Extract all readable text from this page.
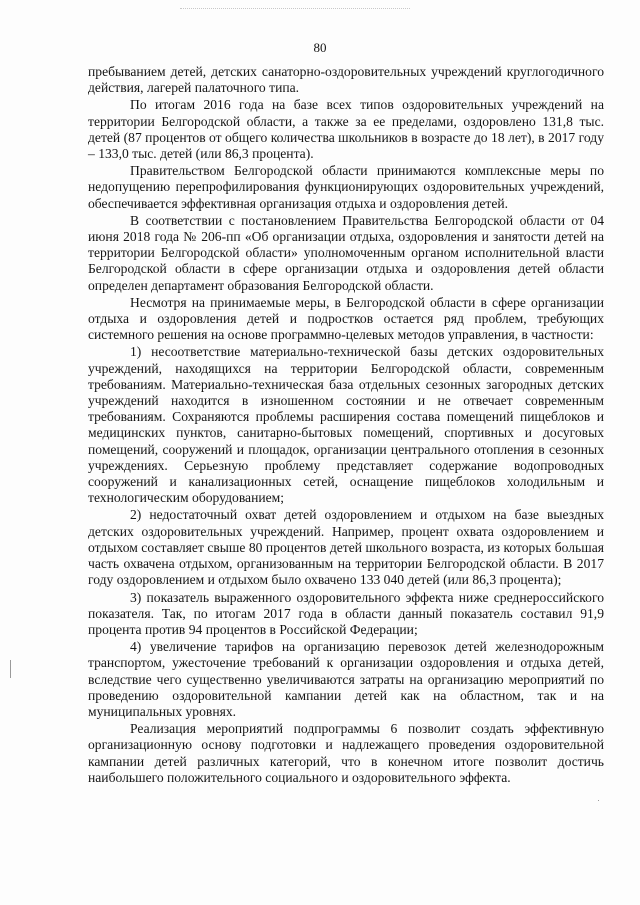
80

пребыванием детей, детских санаторно-оздоровительных учреждений круглогодичного действия, лагерей палаточного типа.

По итогам 2016 года на базе всех типов оздоровительных учреждений на территории Белгородской области, а также за ее пределами, оздоровлено 131,8 тыс. детей (87 процентов от общего количества школьников в возрасте до 18 лет), в 2017 году – 133,0 тыс. детей (или 86,3 процента).

Правительством Белгородской области принимаются комплексные меры по недопущению перепрофилирования функционирующих оздоровительных учреждений, обеспечивается эффективная организация отдыха и оздоровления детей.

В соответствии с постановлением Правительства Белгородской области от 04 июня 2018 года № 206-пп «Об организации отдыха, оздоровления и занятости детей на территории Белгородской области» уполномоченным органом исполнительной власти Белгородской области в сфере организации отдыха и оздоровления детей области определен департамент образования Белгородской области.

Несмотря на принимаемые меры, в Белгородской области в сфере организации отдыха и оздоровления детей и подростков остается ряд проблем, требующих системного решения на основе программно-целевых методов управления, в частности:

1) несоответствие материально-технической базы детских оздоровительных учреждений, находящихся на территории Белгородской области, современным требованиям. Материально-техническая база отдельных сезонных загородных детских учреждений находится в изношенном состоянии и не отвечает современным требованиям. Сохраняются проблемы расширения состава помещений пищеблоков и медицинских пунктов, санитарно-бытовых помещений, спортивных и досуговых помещений, сооружений и площадок, организации центрального отопления в сезонных учреждениях. Серьезную проблему представляет содержание водопроводных сооружений и канализационных сетей, оснащение пищеблоков холодильным и технологическим оборудованием;

2) недостаточный охват детей оздоровлением и отдыхом на базе выездных детских оздоровительных учреждений. Например, процент охвата оздоровлением и отдыхом составляет свыше 80 процентов детей школьного возраста, из которых большая часть охвачена отдыхом, организованным на территории Белгородской области. В 2017 году оздоровлением и отдыхом было охвачено 133 040 детей (или 86,3 процента);

3) показатель выраженного оздоровительного эффекта ниже среднероссийского показателя. Так, по итогам 2017 года в области данный показатель составил 91,9 процента против 94 процентов в Российской Федерации;

4) увеличение тарифов на организацию перевозок детей железнодорожным транспортом, ужесточение требований к организации оздоровления и отдыха детей, вследствие чего существенно увеличиваются затраты на организацию мероприятий по проведению оздоровительной кампании детей как на областном, так и на муниципальных уровнях.

Реализация мероприятий подпрограммы 6 позволит создать эффективную организационную основу подготовки и надлежащего проведения оздоровительной кампании детей различных категорий, что в конечном итоге позволит достичь наибольшего положительного социального и оздоровительного эффекта.
